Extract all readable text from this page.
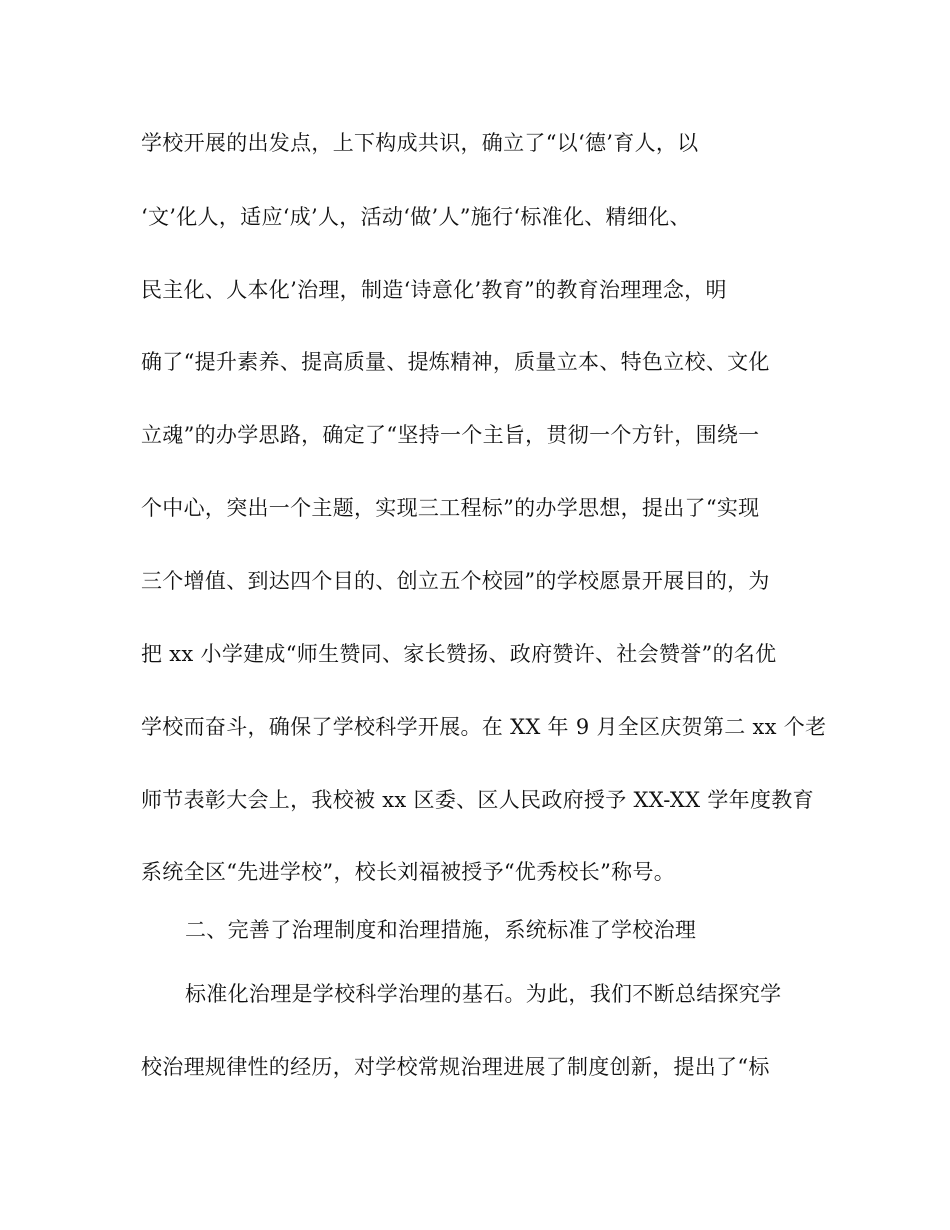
学校开展的出发点，上下构成共识，确立了“以‘德’育人，以
‘文’化人，适应‘成’人，活动‘做’人”施行‘标准化、精细化、
民主化、人本化’治理，制造‘诗意化’教育”的教育治理理念，明
确了“提升素养、提高质量、提炼精神，质量立本、特色立校、文化
立魂”的办学思路，确定了“坚持一个主旨，贯彻一个方针，围绕一
个中心，突出一个主题，实现三工程标”的办学思想，提出了“实现
三个增值、到达四个目的、创立五个校园”的学校愿景开展目的，为
把 xx 小学建成“师生赞同、家长赞扬、政府赞许、社会赞誉”的名优
学校而奋斗，确保了学校科学开展。在 XX 年 9 月全区庆贺第二 xx 个老
师节表彰大会上，我校被 xx 区委、区人民政府授予 XX-XX 学年度教育
系统全区“先进学校”，校长刘福被授予“优秀校长”称号。
二、完善了治理制度和治理措施，系统标准了学校治理
标准化治理是学校科学治理的基石。为此，我们不断总结探究学
校治理规律性的经历，对学校常规治理进展了制度创新，提出了“标
